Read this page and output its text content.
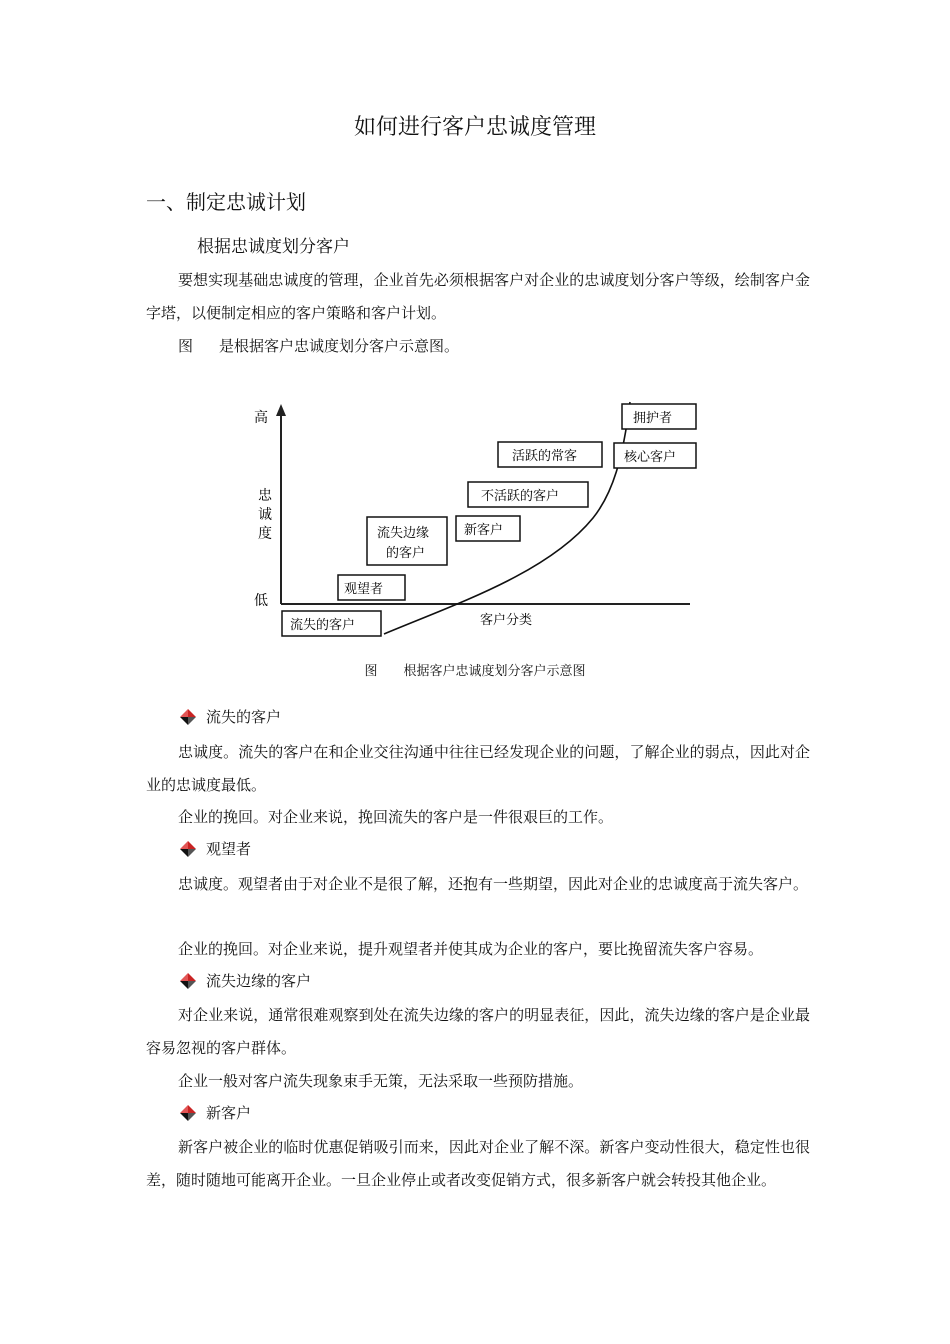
如何进行客户忠诚度管理
一、制定忠诚计划
根据忠诚度划分客户
要想实现基础忠诚度的管理，企业首先必须根据客户对企业的忠诚度划分客户等级，绘制客户金字塔，以便制定相应的客户策略和客户计划。
图 是根据客户忠诚度划分客户示意图。
高
忠
诚
度
低
客户分类
流失的客户
观望者
流失边缘
的客户
新客户
不活跃的客户
活跃的常客	核心客户
拥护者
图 根据客户忠诚度划分客户示意图
流失的客户
忠诚度。流失的客户在和企业交往沟通中往往已经发现企业的问题，了解企业的弱点，因此对企业的忠诚度最低。
企业的挽回。对企业来说，挽回流失的客户是一件很艰巨的工作。
观望者
忠诚度。观望者由于对企业不是很了解，还抱有一些期望，因此对企业的忠诚度高于流失客户。
企业的挽回。对企业来说，提升观望者并使其成为企业的客户，要比挽留流失客户容易。
流失边缘的客户
对企业来说，通常很难观察到处在流失边缘的客户的明显表征，因此，流失边缘的客户是企业最容易忽视的客户群体。
企业一般对客户流失现象束手无策，无法采取一些预防措施。
新客户
新客户被企业的临时优惠促销吸引而来，因此对企业了解不深。新客户变动性很大，稳定性也很差，随时随地可能离开企业。一旦企业停止或者改变促销方式，很多新客户就会转投其他企业。
